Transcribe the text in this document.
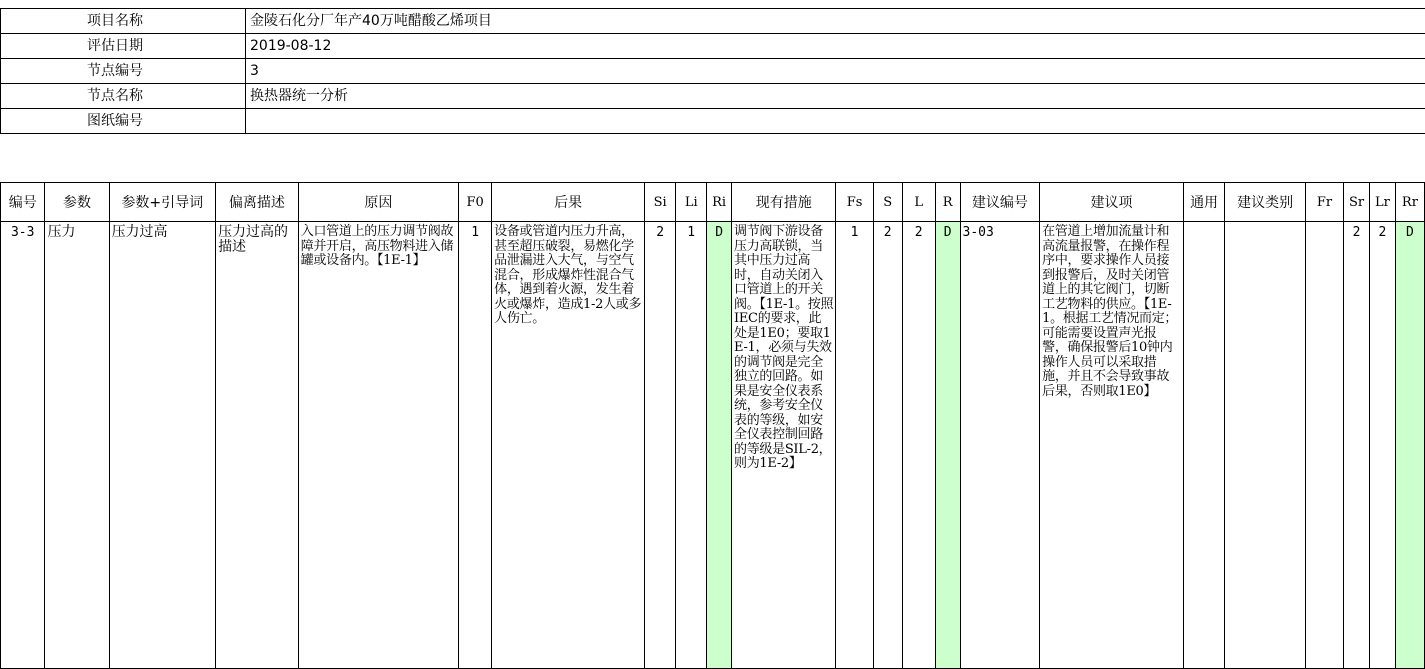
项目名称	金陵石化分厂年产40万吨醋酸乙烯项目
评估日期	2019-08-12
节点编号	3
节点名称	换热器统一分析
图纸编号	
编号	参数	参数+引导词	偏离描述	原因	F0	后果	Si	Li	Ri	现有措施	Fs	S	L	R	建议编号	建议项	通用	建议类别	Fr	Sr	Lr	Rr
3-3	压力	压力过高	压力过高的描述	入口管道上的压力调节阀故障并开启，高压物料进入储罐或设备内。【1E-1】	1	设备或管道内压力升高，甚至超压破裂，易燃化学品泄漏进入大气，与空气混合，形成爆炸性混合气体，遇到着火源，发生着火或爆炸，造成1-2人或多人伤亡。	2	1	D	调节阀下游设备压力高联锁，当其中压力过高时，自动关闭入口管道上的开关阀。【1E-1。按照IEC的要求，此处是1E0；要取1E-1，必须与失效的调节阀是完全独立的回路。如果是安全仪表系统，参考安全仪表的等级，如安全仪表控制回路的等级是SIL-2，则为1E-2】	1	2	2	D	3-03	在管道上增加流量计和高流量报警，在操作程序中，要求操作人员接到报警后，及时关闭管道上的其它阀门，切断工艺物料的供应。【1E-1。根据工艺情况而定；可能需要设置声光报警，确保报警后10钟内操作人员可以采取措施，并且不会导致事故后果，否则取1E0】				2	2	D
